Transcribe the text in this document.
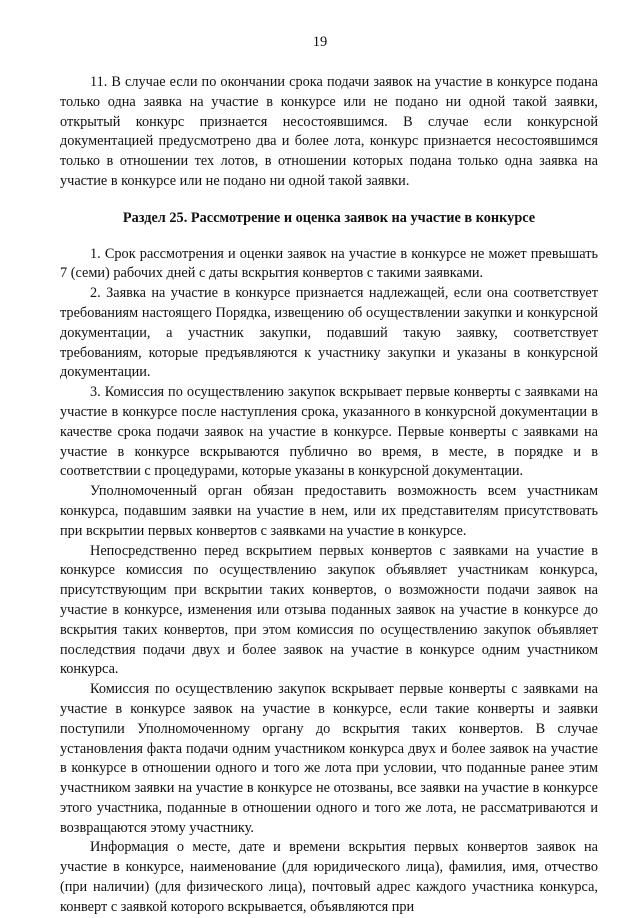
19

11. В случае если по окончании срока подачи заявок на участие в конкурсе подана только одна заявка на участие в конкурсе или не подано ни одной такой заявки, открытый конкурс признается несостоявшимся. В случае если конкурсной документацией предусмотрено два и более лота, конкурс признается несостоявшимся только в отношении тех лотов, в отношении которых подана только одна заявка на участие в конкурсе или не подано ни одной такой заявки.

Раздел 25. Рассмотрение и оценка заявок на участие в конкурсе

1. Срок рассмотрения и оценки заявок на участие в конкурсе не может превышать 7 (семи) рабочих дней с даты вскрытия конвертов с такими заявками.

2. Заявка на участие в конкурсе признается надлежащей, если она соответствует требованиям настоящего Порядка, извещению об осуществлении закупки и конкурсной документации, а участник закупки, подавший такую заявку, соответствует требованиям, которые предъявляются к участнику закупки и указаны в конкурсной документации.

3. Комиссия по осуществлению закупок вскрывает первые конверты с заявками на участие в конкурсе после наступления срока, указанного в конкурсной документации в качестве срока подачи заявок на участие в конкурсе. Первые конверты с заявками на участие в конкурсе вскрываются публично во время, в месте, в порядке и в соответствии с процедурами, которые указаны в конкурсной документации.

Уполномоченный орган обязан предоставить возможность всем участникам конкурса, подавшим заявки на участие в нем, или их представителям присутствовать при вскрытии первых конвертов с заявками на участие в конкурсе.

Непосредственно перед вскрытием первых конвертов с заявками на участие в конкурсе комиссия по осуществлению закупок объявляет участникам конкурса, присутствующим при вскрытии таких конвертов, о возможности подачи заявок на участие в конкурсе, изменения или отзыва поданных заявок на участие в конкурсе до вскрытия таких конвертов, при этом комиссия по осуществлению закупок объявляет последствия подачи двух и более заявок на участие в конкурсе одним участником конкурса.

Комиссия по осуществлению закупок вскрывает первые конверты с заявками на участие в конкурсе заявок на участие в конкурсе, если такие конверты и заявки поступили Уполномоченному органу до вскрытия таких конвертов. В случае установления факта подачи одним участником конкурса двух и более заявок на участие в конкурсе в отношении одного и того же лота при условии, что поданные ранее этим участником заявки на участие в конкурсе не отозваны, все заявки на участие в конкурсе этого участника, поданные в отношении одного и того же лота, не рассматриваются и возвращаются этому участнику.

Информация о месте, дате и времени вскрытия первых конвертов заявок на участие в конкурсе, наименование (для юридического лица), фамилия, имя, отчество (при наличии) (для физического лица), почтовый адрес каждого участника конкурса, конверт с заявкой которого вскрывается, объявляются при
